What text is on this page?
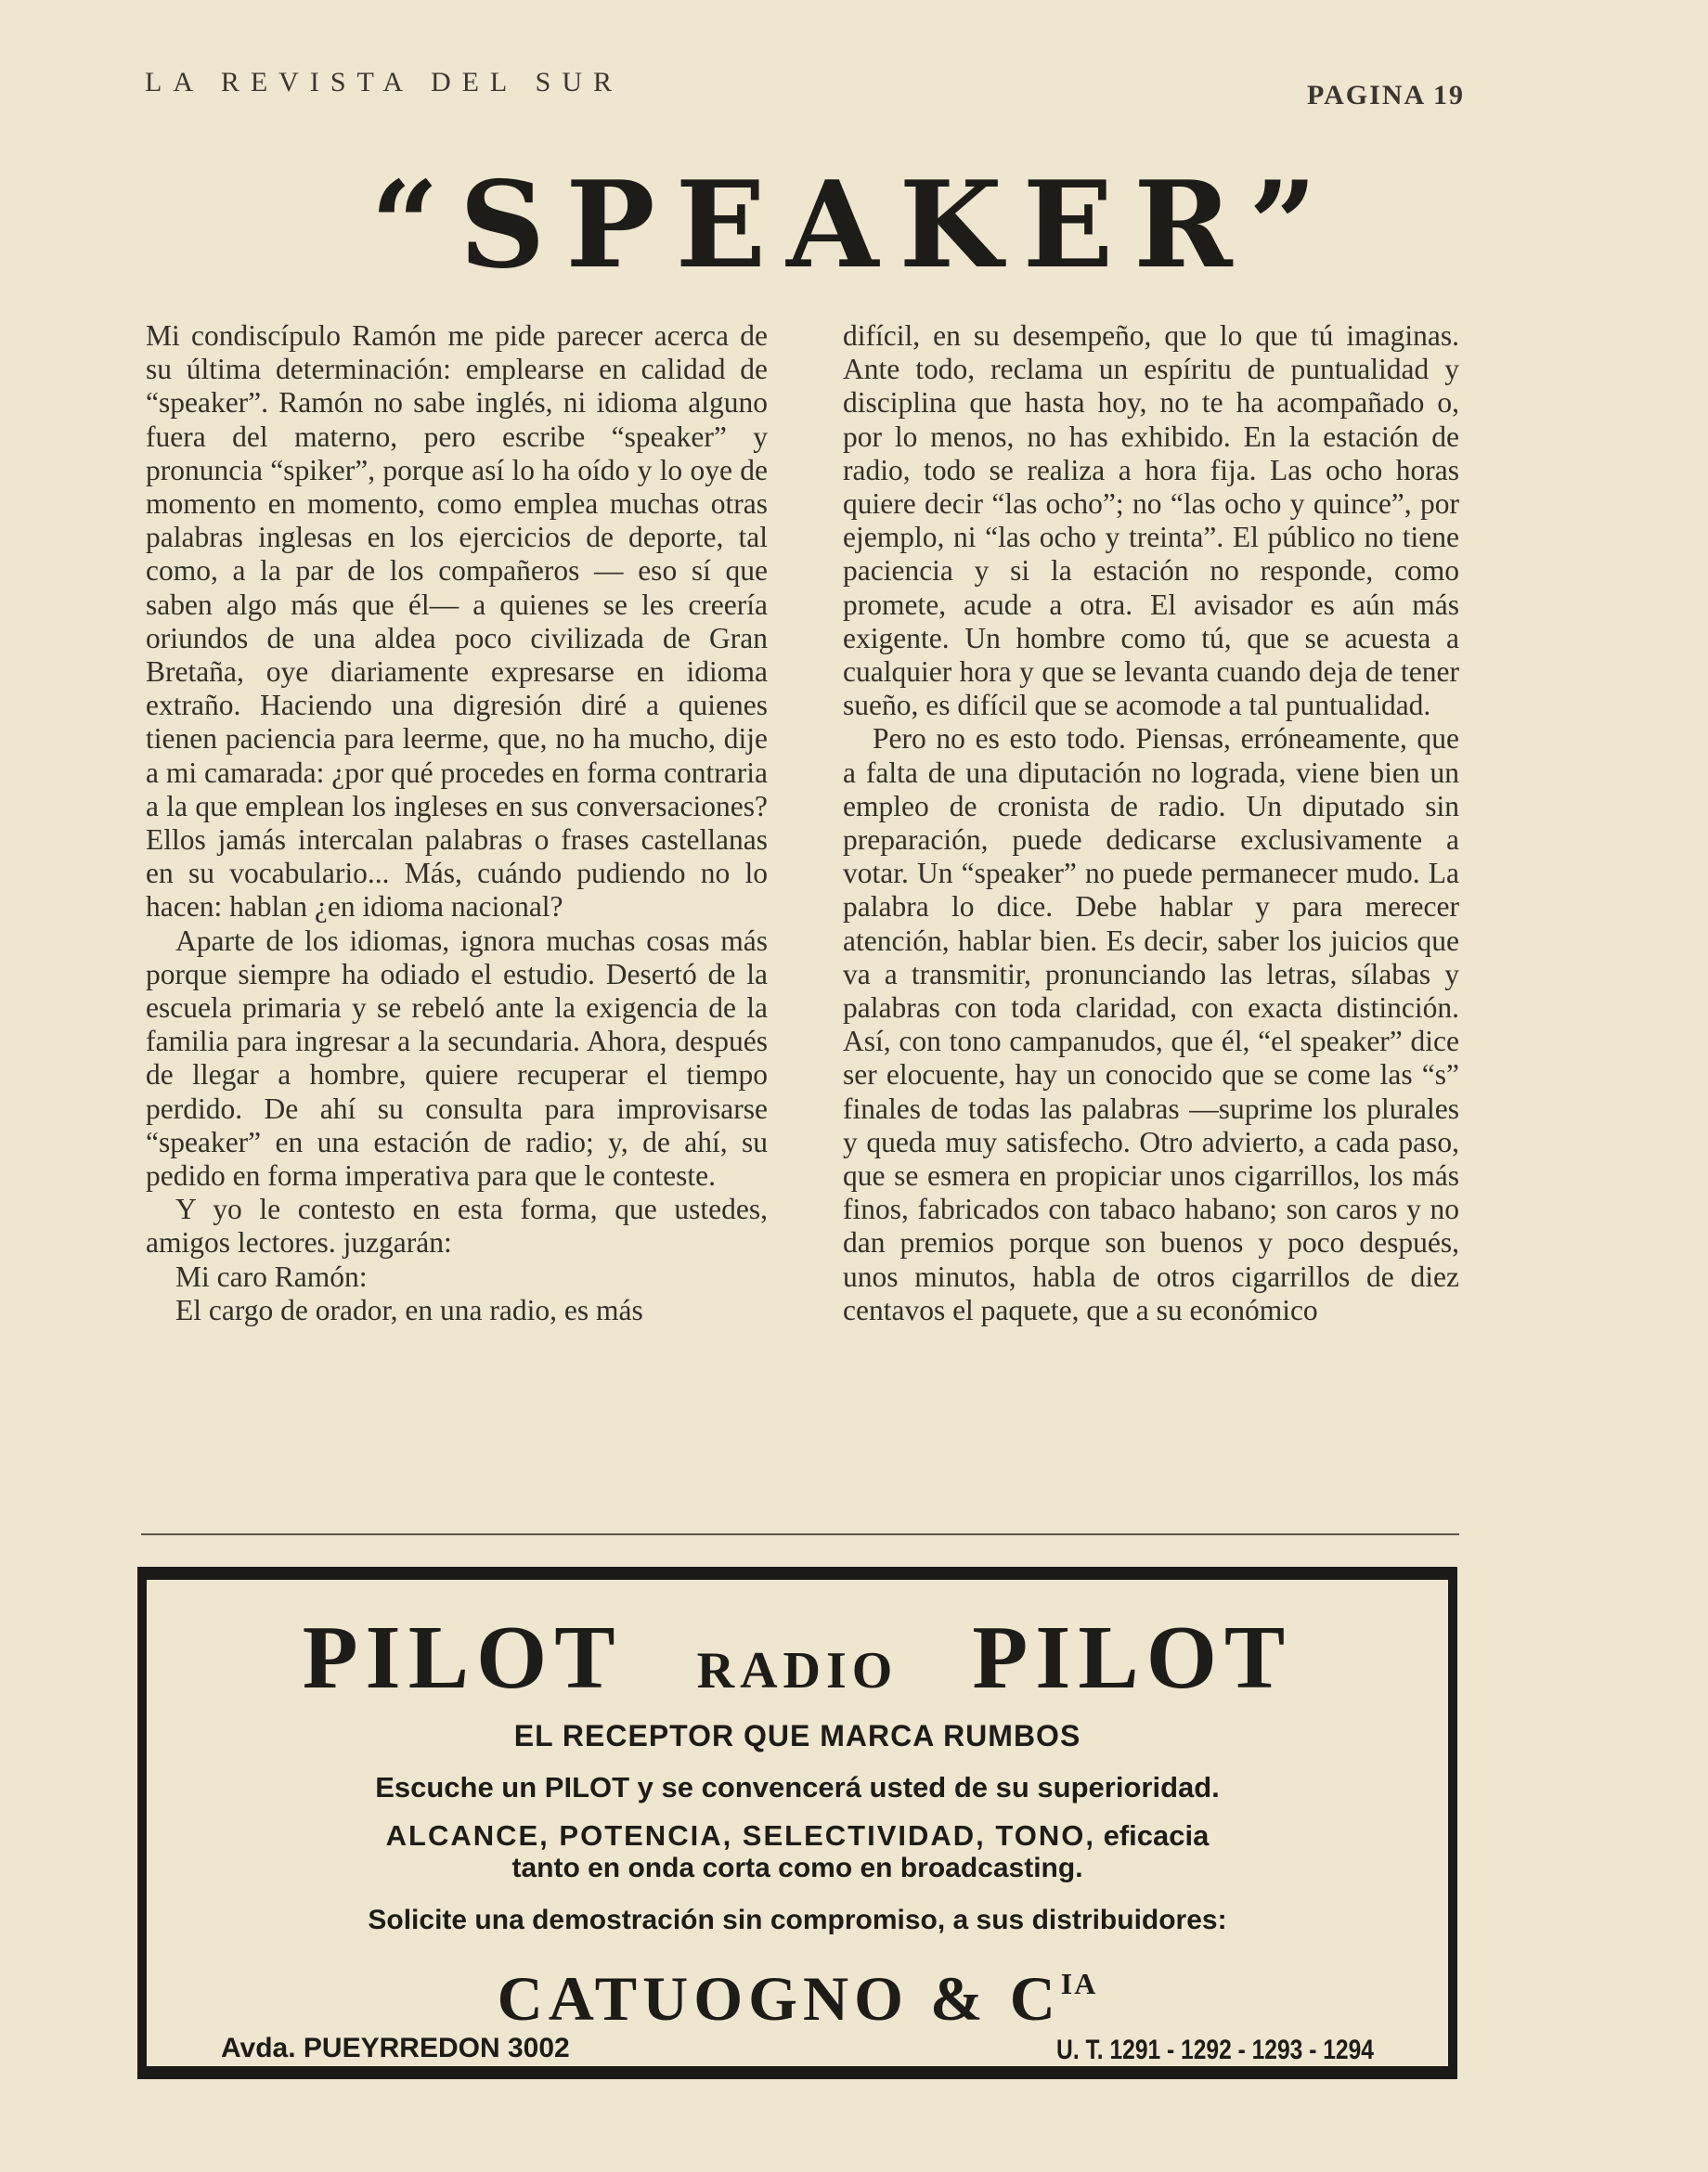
LA REVISTA DEL SUR	PAGINA 19
“SPEAKER”

Mi condiscípulo Ramón me pide parecer acerca de su última determinación: emplearse en calidad de “speaker”. Ramón no sabe inglés, ni idioma alguno fuera del materno, pero escribe “speaker” y pronuncia “spiker”, porque así lo ha oído y lo oye de momento en momento, como emplea muchas otras palabras inglesas en los ejercicios de deporte, tal como, a la par de los compañeros — eso sí que saben algo más que él— a quienes se les creería oriundos de una aldea poco civilizada de Gran Bretaña, oye diariamente expresarse en idioma extraño. Haciendo una digresión diré a quienes tienen paciencia para leerme, que, no ha mucho, dije a mi camarada: ¿por qué procedes en forma contraria a la que emplean los ingleses en sus conversaciones? Ellos jamás intercalan palabras o frases castellanas en su vocabulario... Más, cuándo pudiendo no lo hacen: hablan ¿en idioma nacional?

Aparte de los idiomas, ignora muchas cosas más porque siempre ha odiado el estudio. Desertó de la escuela primaria y se rebeló ante la exigencia de la familia para ingresar a la secundaria. Ahora, después de llegar a hombre, quiere recuperar el tiempo perdido. De ahí su consulta para improvisarse “speaker” en una estación de radio; y, de ahí, su pedido en forma imperativa para que le conteste.

Y yo le contesto en esta forma, que ustedes, amigos lectores. juzgarán:

Mi caro Ramón:

El cargo de orador, en una radio, es más

difícil, en su desempeño, que lo que tú imaginas. Ante todo, reclama un espíritu de puntualidad y disciplina que hasta hoy, no te ha acompañado o, por lo menos, no has exhibido. En la estación de radio, todo se realiza a hora fija. Las ocho horas quiere decir “las ocho”; no “las ocho y quince”, por ejemplo, ni “las ocho y treinta”. El público no tiene paciencia y si la estación no responde, como promete, acude a otra. El avisador es aún más exigente. Un hombre como tú, que se acuesta a cualquier hora y que se levanta cuando deja de tener sueño, es difícil que se acomode a tal puntualidad.

Pero no es esto todo. Piensas, erróneamente, que a falta de una diputación no lograda, viene bien un empleo de cronista de radio. Un diputado sin preparación, puede dedicarse exclusivamente a votar. Un “speaker” no puede permanecer mudo. La palabra lo dice. Debe hablar y para merecer atención, hablar bien. Es decir, saber los juicios que va a transmitir, pronunciando las letras, sílabas y palabras con toda claridad, con exacta distinción. Así, con tono campanudos, que él, “el speaker” dice ser elocuente, hay un conocido que se come las “s” finales de todas las palabras —suprime los plurales y queda muy satisfecho. Otro advierto, a cada paso, que se esmera en propiciar unos cigarrillos, los más finos, fabricados con tabaco habano; son caros y no dan premios porque son buenos y poco después, unos minutos, habla de otros cigarrillos de diez centavos el paquete, que a su económico

PILOT RADIO PILOT
EL RECEPTOR QUE MARCA RUMBOS
Escuche un PILOT y se convencerá usted de su superioridad.
ALCANCE, POTENCIA, SELECTIVIDAD, TONO, eficacia
tanto en onda corta como en broadcasting.
Solicite una demostración sin compromiso, a sus distribuidores:
CATUOGNO & $C^{IA}$
Avda. PUEYRREDON 3002	U. T. 1291 - 1292 - 1293 - 1294
